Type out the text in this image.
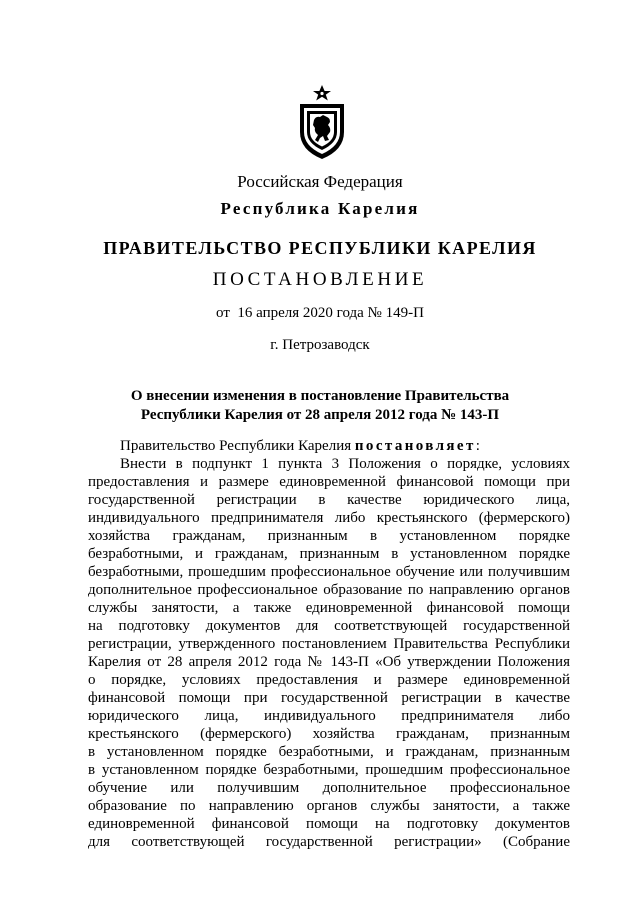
Российская Федерация
Республика Карелия
ПРАВИТЕЛЬСТВО РЕСПУБЛИКИ КАРЕЛИЯ
ПОСТАНОВЛЕНИЕ
от  16 апреля 2020 года № 149-П
г. Петрозаводск
О внесении изменения в постановление Правительства
Республики Карелия от 28 апреля 2012 года № 143-П

Правительство Республики Карелия постановляет:

Внести в подпункт 1 пункта 3 Положения о порядке, условиях
предоставления и размере единовременной финансовой помощи при
государственной регистрации в качестве юридического лица,
индивидуального предпринимателя либо крестьянского (фермерского)
хозяйства гражданам, признанным в установленном порядке
безработными, и гражданам, признанным в установленном порядке
безработными, прошедшим профессиональное обучение или получившим
дополнительное профессиональное образование по направлению органов
службы занятости, а также единовременной финансовой помощи
на подготовку документов для соответствующей государственной
регистрации, утвержденного постановлением Правительства Республики
Карелия от 28 апреля 2012 года № 143-П «Об утверждении Положения
о порядке, условиях предоставления и размере единовременной
финансовой помощи при государственной регистрации в качестве
юридического лица, индивидуального предпринимателя либо
крестьянского (фермерского) хозяйства гражданам, признанным
в установленном порядке безработными, и гражданам, признанным
в установленном порядке безработными, прошедшим профессиональное
обучение или получившим дополнительное профессиональное
образование по направлению органов службы занятости, а также
единовременной финансовой помощи на подготовку документов
для соответствующей государственной регистрации» (Собрание
